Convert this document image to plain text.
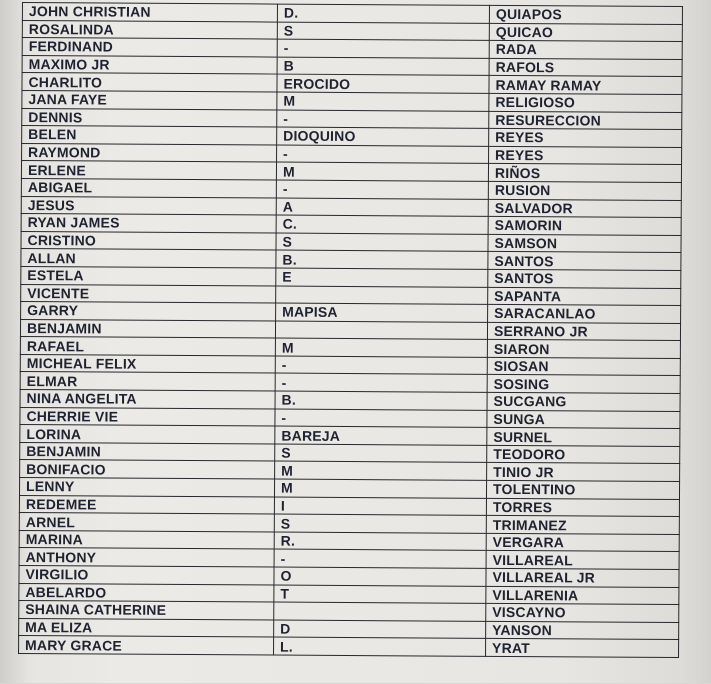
JOHN CHRISTIAN	D.	QUIAPOS
ROSALINDA	S	QUICAO
FERDINAND	-	RADA
MAXIMO JR	B	RAFOLS
CHARLITO	EROCIDO	RAMAY RAMAY
JANA FAYE	M	RELIGIOSO
DENNIS	-	RESURECCION
BELEN	DIOQUINO	REYES
RAYMOND	-	REYES
ERLENE	M	RIÑOS
ABIGAEL	-	RUSION
JESUS	A	SALVADOR
RYAN JAMES	C.	SAMORIN
CRISTINO	S	SAMSON
ALLAN	B.	SANTOS
ESTELA	E	SANTOS
VICENTE		SAPANTA
GARRY	MAPISA	SARACANLAO
BENJAMIN		SERRANO JR
RAFAEL	M	SIARON
MICHEAL FELIX	-	SIOSAN
ELMAR	-	SOSING
NINA ANGELITA	B.	SUCGANG
CHERRIE VIE	-	SUNGA
LORINA	BAREJA	SURNEL
BENJAMIN	S	TEODORO
BONIFACIO	M	TINIO JR
LENNY	M	TOLENTINO
REDEMEE	I	TORRES
ARNEL	S	TRIMANEZ
MARINA	R.	VERGARA
ANTHONY	-	VILLAREAL
VIRGILIO	O	VILLAREAL JR
ABELARDO	T	VILLARENIA
SHAINA CATHERINE		VISCAYNO
MA ELIZA	D	YANSON
MARY GRACE	L.	YRAT
